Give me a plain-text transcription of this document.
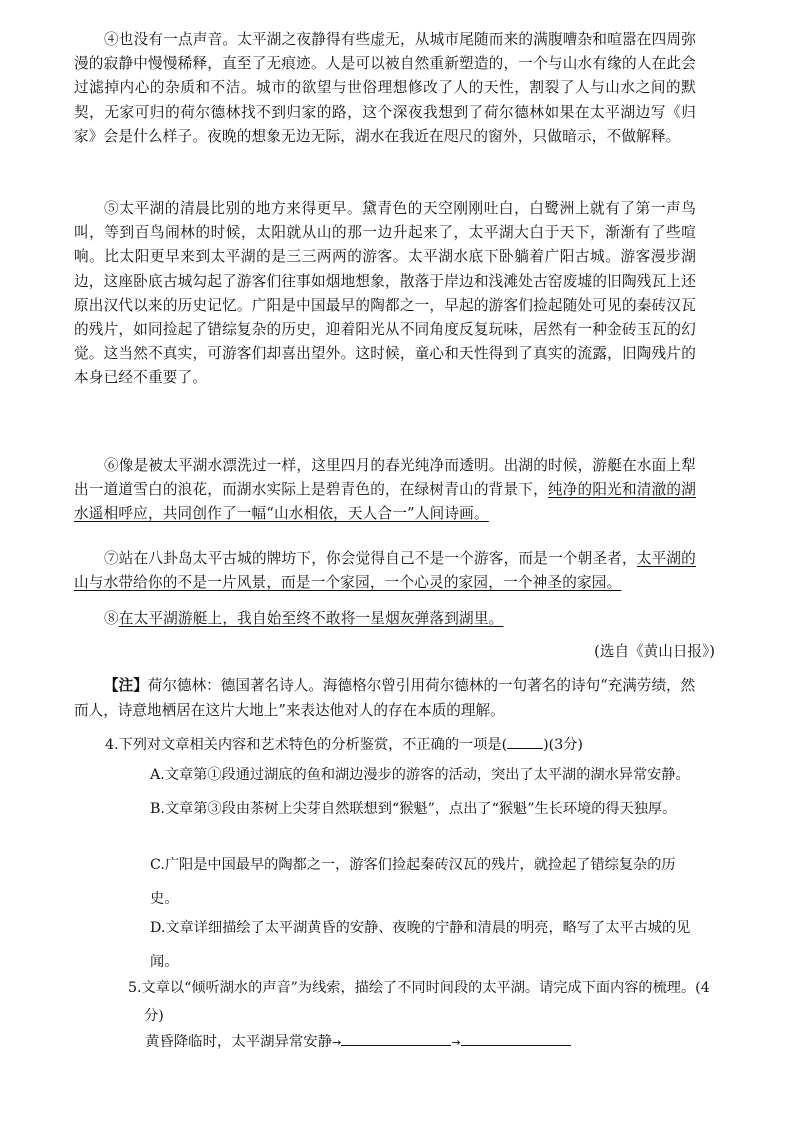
④也没有一点声音。太平湖之夜静得有些虚无，从城市尾随而来的满腹嘈杂和喧嚣在四周弥漫的寂静中慢慢稀释，直至了无痕迹。人是可以被自然重新塑造的，一个与山水有缘的人在此会过滤掉内心的杂质和不洁。城市的欲望与世俗理想修改了人的天性，割裂了人与山水之间的默契，无家可归的荷尔德林找不到归家的路，这个深夜我想到了荷尔德林如果在太平湖边写《归家》会是什么样子。夜晚的想象无边无际，湖水在我近在咫尺的窗外，只做暗示，不做解释。

⑤太平湖的清晨比别的地方来得更早。黛青色的天空刚刚吐白，白鹭洲上就有了第一声鸟叫，等到百鸟闹林的时候，太阳就从山的那一边升起来了，太平湖大白于天下，渐渐有了些喧响。比太阳更早来到太平湖的是三三两两的游客。太平湖水底下卧躺着广阳古城。游客漫步湖边，这座卧底古城勾起了游客们往事如烟地想象，散落于岸边和浅滩处古窑废墟的旧陶残瓦上还原出汉代以来的历史记忆。广阳是中国最早的陶都之一，早起的游客们捡起随处可见的秦砖汉瓦的残片，如同捡起了错综复杂的历史，迎着阳光从不同角度反复玩味，居然有一种金砖玉瓦的幻觉。这当然不真实，可游客们却喜出望外。这时候，童心和天性得到了真实的流露，旧陶残片的本身已经不重要了。

⑥像是被太平湖水漂洗过一样，这里四月的春光纯净而透明。出湖的时候，游艇在水面上犁出一道道雪白的浪花，而湖水实际上是碧青色的，在绿树青山的背景下，纯净的阳光和清澈的湖水遥相呼应，共同创作了一幅“山水相依，天人合一”人间诗画。

⑦站在八卦岛太平古城的牌坊下，你会觉得自己不是一个游客，而是一个朝圣者，太平湖的山与水带给你的不是一片风景，而是一个家园，一个心灵的家园，一个神圣的家园。

⑧在太平湖游艇上，我自始至终不敢将一星烟灰弹落到湖里。

(选自《黄山日报》)

【注】荷尔德林：德国著名诗人。海德格尔曾引用荷尔德林的一句著名的诗句“充满劳绩，然而人，诗意地栖居在这片大地上”来表达他对人的存在本质的理解。

4.下列对文章相关内容和艺术特色的分析鉴赏，不正确的一项是(	)(3分)

A.文章第①段通过湖底的鱼和湖边漫步的游客的活动，突出了太平湖的湖水异常安静。

B.文章第③段由茶树上尖芽自然联想到“猴魁”，点出了“猴魁”生长环境的得天独厚。

C.广阳是中国最早的陶都之一，游客们捡起秦砖汉瓦的残片，就捡起了错综复杂的历史。

D.文章详细描绘了太平湖黄昏的安静、夜晚的宁静和清晨的明亮，略写了太平古城的见闻。

5.文章以“倾听湖水的声音”为线索，描绘了不同时间段的太平湖。请完成下面内容的梳理。(4分)

黄昏降临时，太平湖异常安静→	→
